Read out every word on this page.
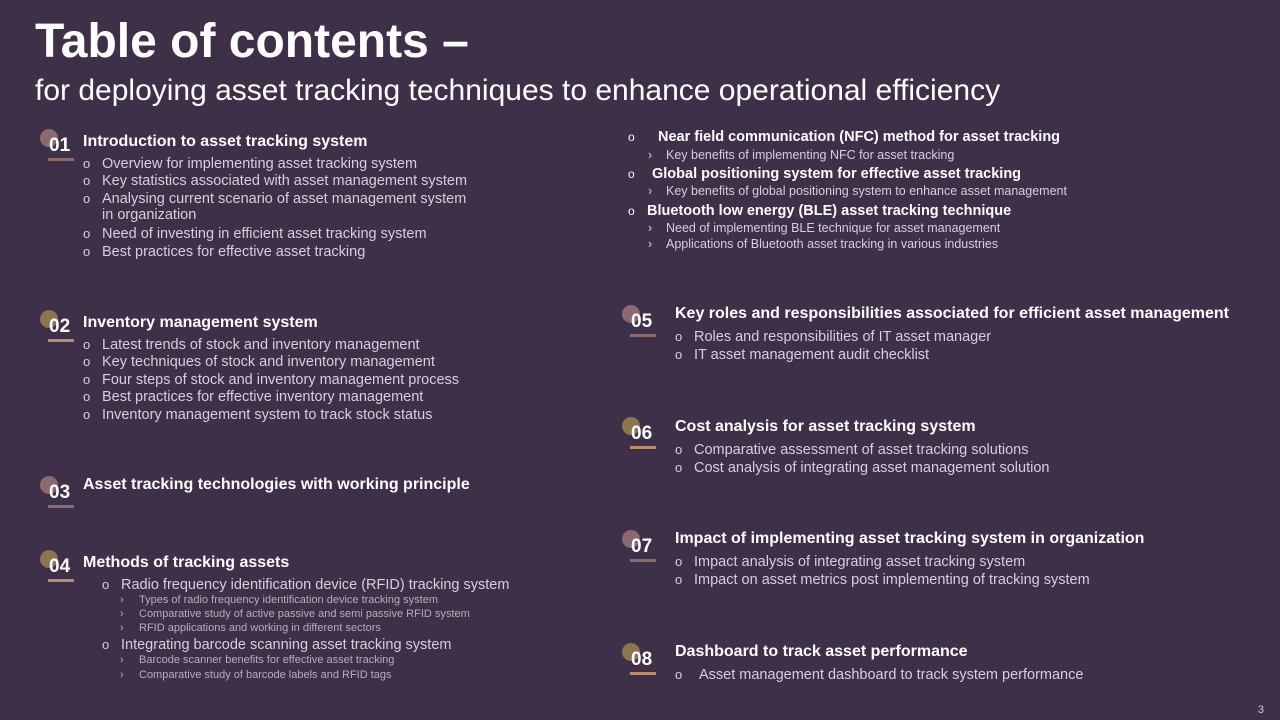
Table of contents –
for deploying asset tracking techniques to enhance operational efficiency
01 Introduction to asset tracking system
o Overview for implementing asset tracking system
o Key statistics associated with asset management system
o Analysing current scenario of asset management system
in organization
o Need of investing in efficient asset tracking system
o Best practices for effective asset tracking
02 Inventory management system
o Latest trends of stock and inventory management
o Key techniques of stock and inventory management
o Four steps of stock and inventory management process
o Best practices for effective inventory management
o Inventory management system to track stock status
03 Asset tracking technologies with working principle
04 Methods of tracking assets
o Radio frequency identification device (RFID) tracking system
› Types of radio frequency identification device tracking system
› Comparative study of active passive and semi passive RFID system
› RFID applications and working in different sectors
o Integrating barcode scanning asset tracking system
› Barcode scanner benefits for effective asset tracking
› Comparative study of barcode labels and RFID tags
o Near field communication (NFC) method for asset tracking
› Key benefits of implementing NFC for asset tracking
o Global positioning system for effective asset tracking
› Key benefits of global positioning system to enhance asset management
o Bluetooth low energy (BLE) asset tracking technique
› Need of implementing BLE technique for asset management
› Applications of Bluetooth asset tracking in various industries
05 Key roles and responsibilities associated for efficient asset management
o Roles and responsibilities of IT asset manager
o IT asset management audit checklist
06 Cost analysis for asset tracking system
o Comparative assessment of asset tracking solutions
o Cost analysis of integrating asset management solution
07 Impact of implementing asset tracking system in organization
o Impact analysis of integrating asset tracking system
o Impact on asset metrics post implementing of tracking system
08 Dashboard to track asset performance
o Asset management dashboard to track system performance
3
